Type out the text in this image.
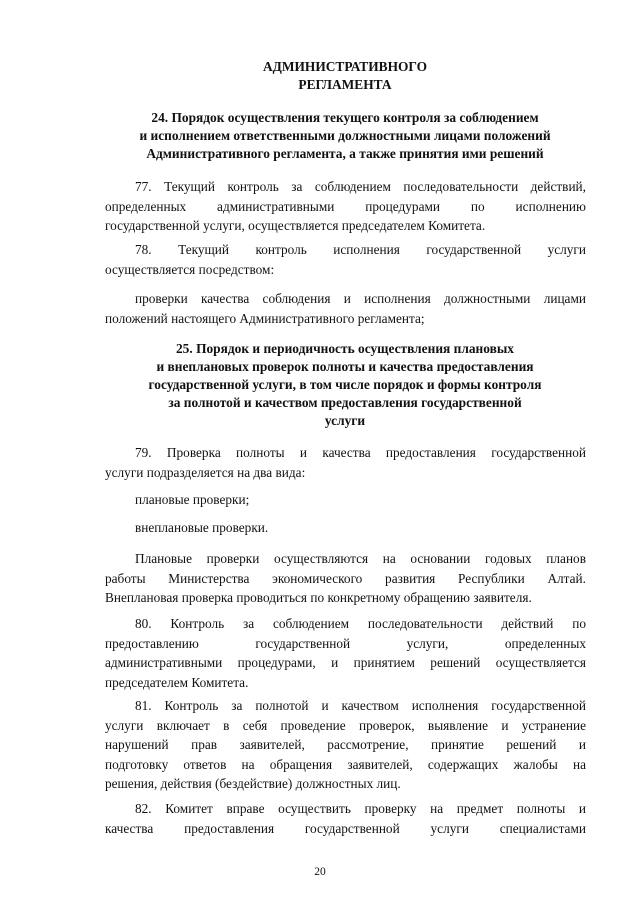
АДМИНИСТРАТИВНОГО
РЕГЛАМЕНТА
24. Порядок осуществления текущего контроля за соблюдением
и исполнением ответственными должностными лицами положений
Административного регламента, а также принятия ими решений
77. Текущий контроль за соблюдением последовательности действий,
определенных административными процедурами по исполнению
государственной услуги, осуществляется председателем Комитета.
78. Текущий контроль исполнения государственной услуги
осуществляется посредством:
проверки качества соблюдения и исполнения должностными лицами
положений настоящего Административного регламента;
25. Порядок и периодичность осуществления плановых
и внеплановых проверок полноты и качества предоставления
государственной услуги, в том числе порядок и формы контроля
за полнотой и качеством предоставления государственной
услуги
79. Проверка полноты и качества предоставления государственной
услуги подразделяется на два вида:
плановые проверки;
внеплановые проверки.
Плановые проверки осуществляются на основании годовых планов
работы Министерства экономического развития Республики Алтай.
Внеплановая проверка проводиться по конкретному обращению заявителя.
80. Контроль за соблюдением последовательности действий по
предоставлению государственной услуги, определенных
административными процедурами, и принятием решений осуществляется
председателем Комитета.
81. Контроль за полнотой и качеством исполнения государственной
услуги включает в себя проведение проверок, выявление и устранение
нарушений прав заявителей, рассмотрение, принятие решений и
подготовку ответов на обращения заявителей, содержащих жалобы на
решения, действия (бездействие) должностных лиц.
82. Комитет вправе осуществить проверку на предмет полноты и
качества предоставления государственной услуги специалистами
20
